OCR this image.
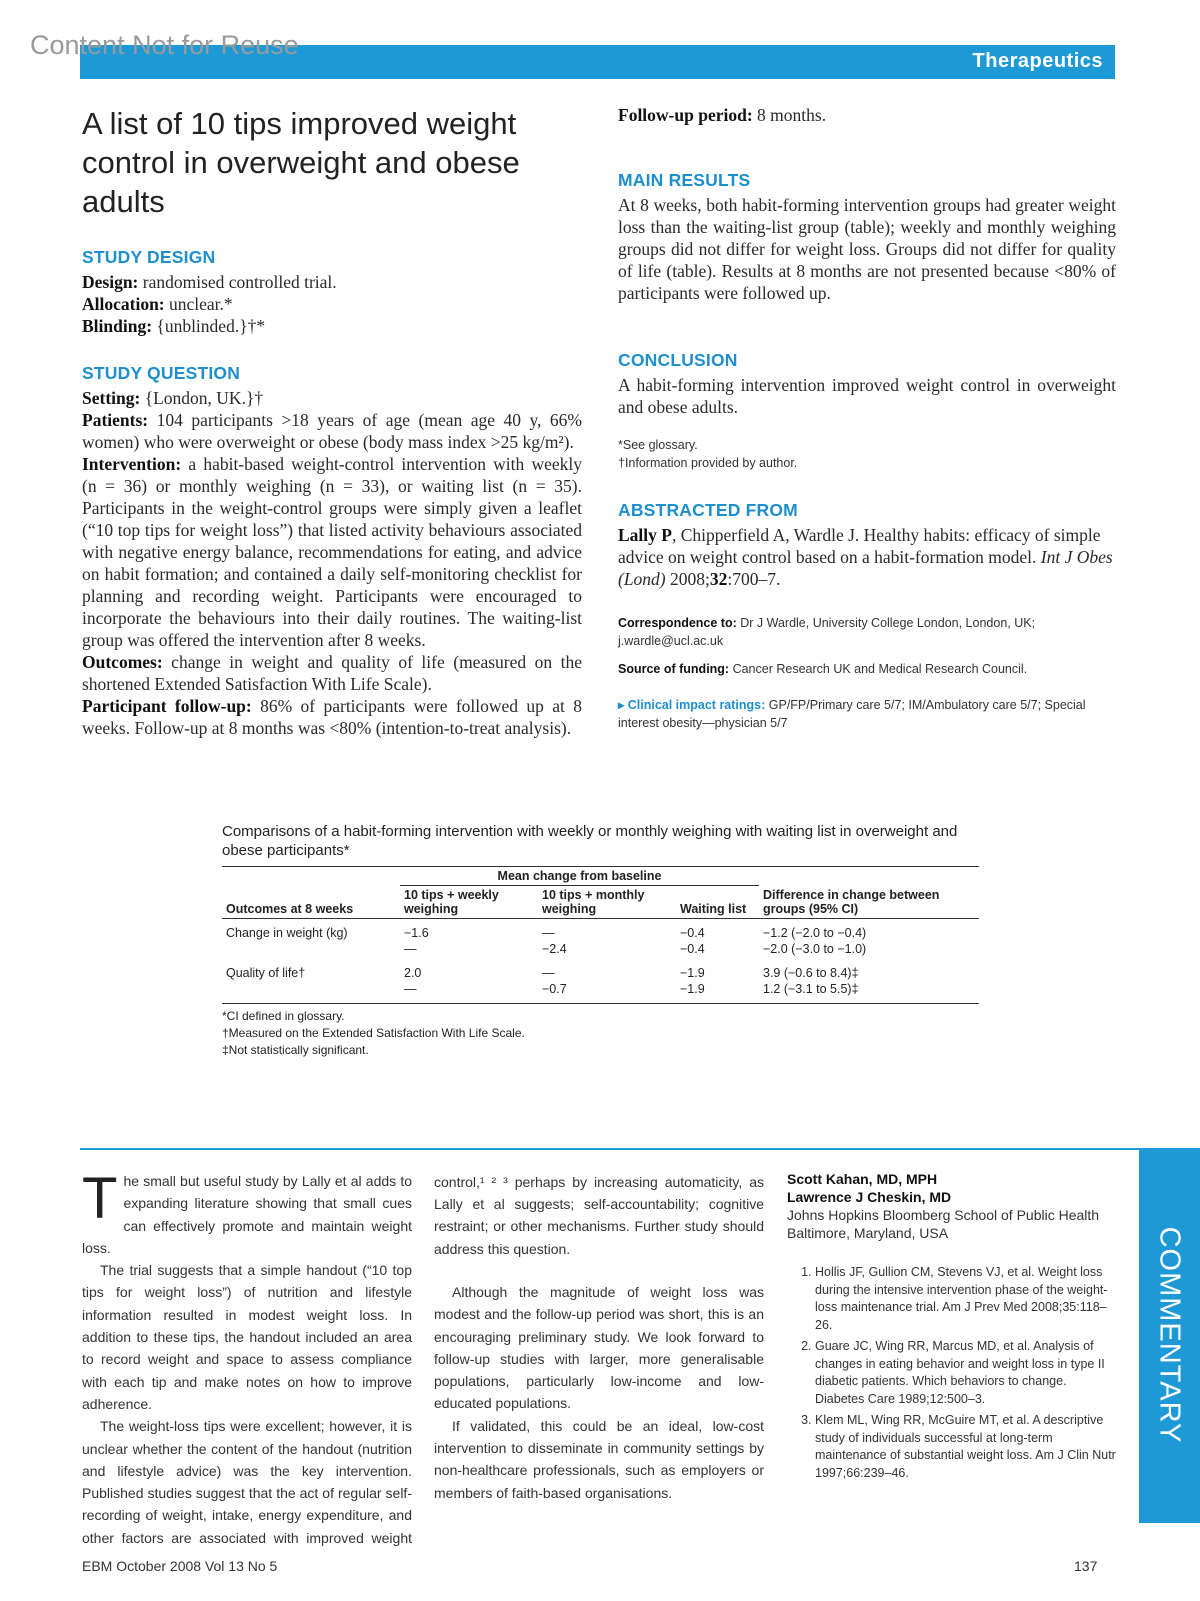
Content Not for Reuse
Therapeutics
A list of 10 tips improved weight
control in overweight and obese adults
STUDY DESIGN

Design: randomised controlled trial.

Allocation: unclear.*

Blinding: {unblinded.}†*

STUDY QUESTION

Setting: {London, UK.}†

Patients: 104 participants >18 years of age (mean age 40 y, 66% women) who were overweight or obese (body mass index >25 kg/m²).

Intervention: a habit-based weight-control intervention with weekly (n = 36) or monthly weighing (n = 33), or waiting list (n = 35). Participants in the weight-control groups were simply given a leaflet (“10 top tips for weight loss”) that listed activity behaviours associated with negative energy balance, recommendations for eating, and advice on habit formation; and contained a daily self-monitoring checklist for planning and recording weight. Participants were encouraged to incorporate the behaviours into their daily routines. The waiting-list group was offered the intervention after 8 weeks.

Outcomes: change in weight and quality of life (measured on the shortened Extended Satisfaction With Life Scale).

Participant follow-up: 86% of participants were followed up at 8 weeks. Follow-up at 8 months was <80% (intention-to-treat analysis).

Follow-up period: 8 months.

MAIN RESULTS

At 8 weeks, both habit-forming intervention groups had greater weight loss than the waiting-list group (table); weekly and monthly weighing groups did not differ for weight loss. Groups did not differ for quality of life (table). Results at 8 months are not presented because <80% of participants were followed up.

CONCLUSION

A habit-forming intervention improved weight control in overweight and obese adults.

*See glossary.

†Information provided by author.

ABSTRACTED FROM

Lally P, Chipperfield A, Wardle J. Healthy habits: efficacy of simple advice on weight control based on a habit-formation model. Int J Obes (Lond) 2008;32:700–7.

Correspondence to: Dr J Wardle, University College London, London, UK; j.wardle@ucl.ac.uk

Source of funding: Cancer Research UK and Medical Research Council.

▸ Clinical impact ratings: GP/FP/Primary care 5/7; IM/Ambulatory care 5/7; Special interest obesity—physician 5/7

Comparisons of a habit-forming intervention with weekly or monthly weighing with waiting list in overweight and obese participants*

	Mean change from baseline			
Outcomes at 8 weeks	10 tips + weekly weighing	10 tips + monthly weighing	Waiting list	Difference in change between groups (95% CI)

Change in weight (kg)	−1.6	—	−0.4	−1.2 (−2.0 to −0.4)
	—	−2.4	−0.4	−2.0 (−3.0 to −1.0)

Quality of life†	2.0	—	−1.9	3.9 (−0.6 to 8.4)‡
	—	−0.7	−1.9	1.2 (−3.1 to 5.5)‡
*CI defined in glossary.
†Measured on the Extended Satisfaction With Life Scale.
‡Not statistically significant.
COMMENTARY

The small but useful study by Lally et al adds to expanding literature showing that small cues can effectively promote and maintain weight loss.

The trial suggests that a simple handout (“10 top tips for weight loss”) of nutrition and lifestyle information resulted in modest weight loss. In addition to these tips, the handout included an area to record weight and space to assess compliance with each tip and make notes on how to improve adherence.

The weight-loss tips were excellent; however, it is unclear whether the content of the handout (nutrition and lifestyle advice) was the key intervention. Published studies suggest that the act of regular self-recording of weight, intake, energy expenditure, and other factors are associated with improved weight

control,¹ ² ³ perhaps by increasing automaticity, as Lally et al suggests; self-accountability; cognitive restraint; or other mechanisms. Further study should address this question.

Although the magnitude of weight loss was modest and the follow-up period was short, this is an encouraging preliminary study. We look forward to follow-up studies with larger, more generalisable populations, particularly low-income and low-educated populations.

If validated, this could be an ideal, low-cost intervention to disseminate in community settings by non-healthcare professionals, such as employers or members of faith-based organisations.

Scott Kahan, MD, MPH
Lawrence J Cheskin, MD
Johns Hopkins Bloomberg School of Public Health
Baltimore, Maryland, USA
1. Hollis JF, Gullion CM, Stevens VJ, et al. Weight loss during the intensive intervention phase of the weight-loss maintenance trial. Am J Prev Med 2008;35:118–26.
2. Guare JC, Wing RR, Marcus MD, et al. Analysis of changes in eating behavior and weight loss in type II diabetic patients. Which behaviors to change. Diabetes Care 1989;12:500–3.
3. Klem ML, Wing RR, McGuire MT, et al. A descriptive study of individuals successful at long-term maintenance of substantial weight loss. Am J Clin Nutr 1997;66:239–46.
EBM October 2008 Vol 13 No 5	137
